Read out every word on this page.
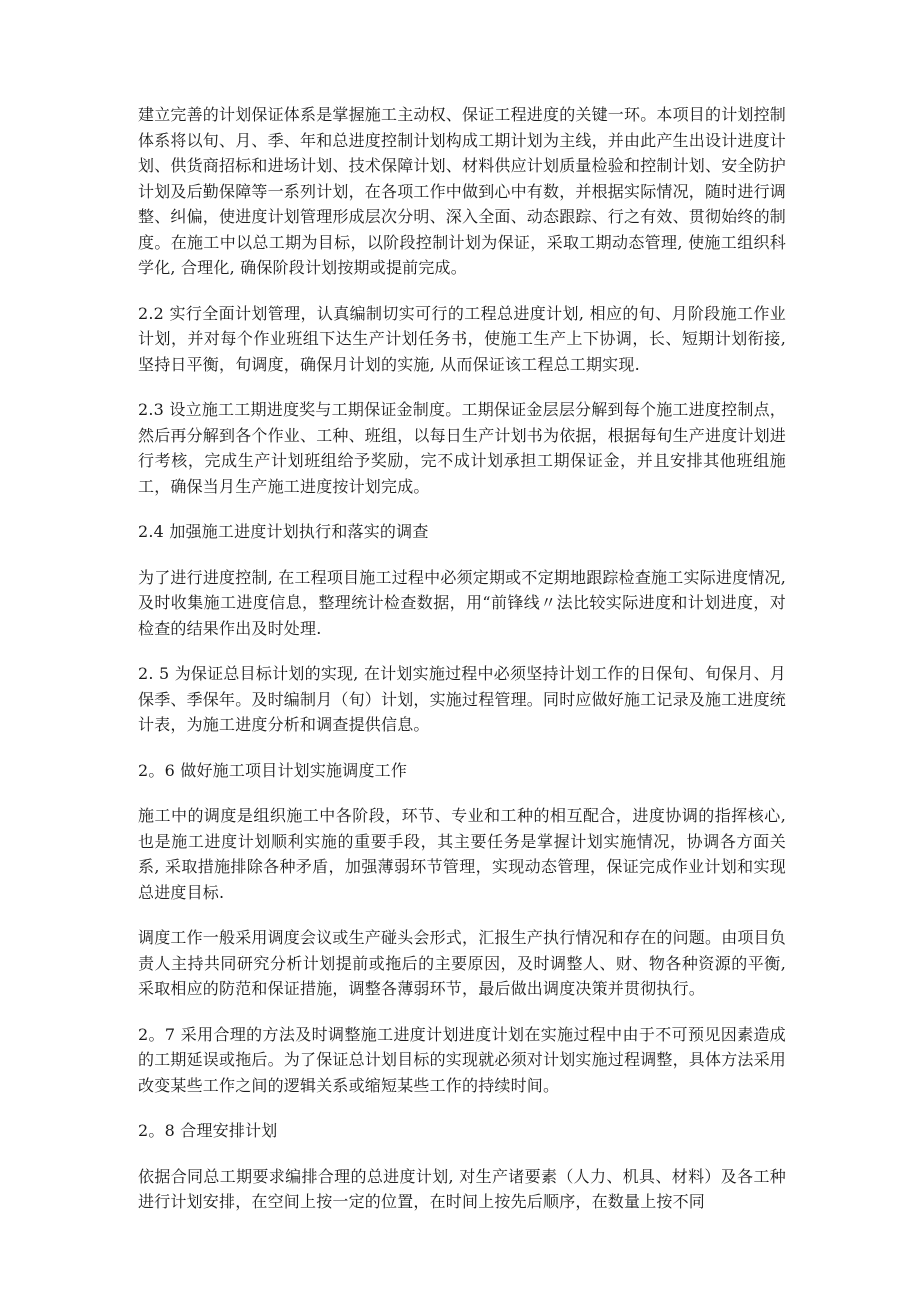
建立完善的计划保证体系是掌握施工主动权、保证工程进度的关键一环。本项目的计划控制体系将以旬、月、季、年和总进度控制计划构成工期计划为主线，并由此产生出设计进度计划、供货商招标和进场计划、技术保障计划、材料供应计划质量检验和控制计划、安全防护计划及后勤保障等一系列计划，在各项工作中做到心中有数，并根据实际情况，随时进行调整、纠偏，使进度计划管理形成层次分明、深入全面、动态跟踪、行之有效、贯彻始终的制度。在施工中以总工期为目标，以阶段控制计划为保证，采取工期动态管理, 使施工组织科学化, 合理化, 确保阶段计划按期或提前完成。

2.2 实行全面计划管理，认真编制切实可行的工程总进度计划, 相应的旬、月阶段施工作业计划，并对每个作业班组下达生产计划任务书，使施工生产上下协调，长、短期计划衔接, 坚持日平衡，旬调度，确保月计划的实施, 从而保证该工程总工期实现.

2.3 设立施工工期进度奖与工期保证金制度。工期保证金层层分解到每个施工进度控制点，然后再分解到各个作业、工种、班组，以每日生产计划书为依据，根据每旬生产进度计划进行考核，完成生产计划班组给予奖励，完不成计划承担工期保证金，并且安排其他班组施工，确保当月生产施工进度按计划完成。

2.4 加强施工进度计划执行和落实的调查

为了进行进度控制, 在工程项目施工过程中必须定期或不定期地跟踪检查施工实际进度情况, 及时收集施工进度信息，整理统计检查数据，用“前锋线〃法比较实际进度和计划进度，对检查的结果作出及时处理.

2. 5 为保证总目标计划的实现, 在计划实施过程中必须坚持计划工作的日保旬、旬保月、月保季、季保年。及时编制月（旬）计划，实施过程管理。同时应做好施工记录及施工进度统计表，为施工进度分析和调查提供信息。

2。6 做好施工项目计划实施调度工作

施工中的调度是组织施工中各阶段，环节、专业和工种的相互配合，进度协调的指挥核心, 也是施工进度计划顺利实施的重要手段，其主要任务是掌握计划实施情况，协调各方面关系, 采取措施排除各种矛盾，加强薄弱环节管理，实现动态管理，保证完成作业计划和实现总进度目标.

调度工作一般采用调度会议或生产碰头会形式，汇报生产执行情况和存在的问题。由项目负责人主持共同研究分析计划提前或拖后的主要原因，及时调整人、财、物各种资源的平衡, 采取相应的防范和保证措施，调整各薄弱环节，最后做出调度决策并贯彻执行。

2。7 采用合理的方法及时调整施工进度计划进度计划在实施过程中由于不可预见因素造成的工期延误或拖后。为了保证总计划目标的实现就必须对计划实施过程调整，具体方法采用改变某些工作之间的逻辑关系或缩短某些工作的持续时间。

2。8 合理安排计划

依据合同总工期要求编排合理的总进度计划, 对生产诸要素（人力、机具、材料）及各工种进行计划安排，在空间上按一定的位置，在时间上按先后顺序，在数量上按不同
